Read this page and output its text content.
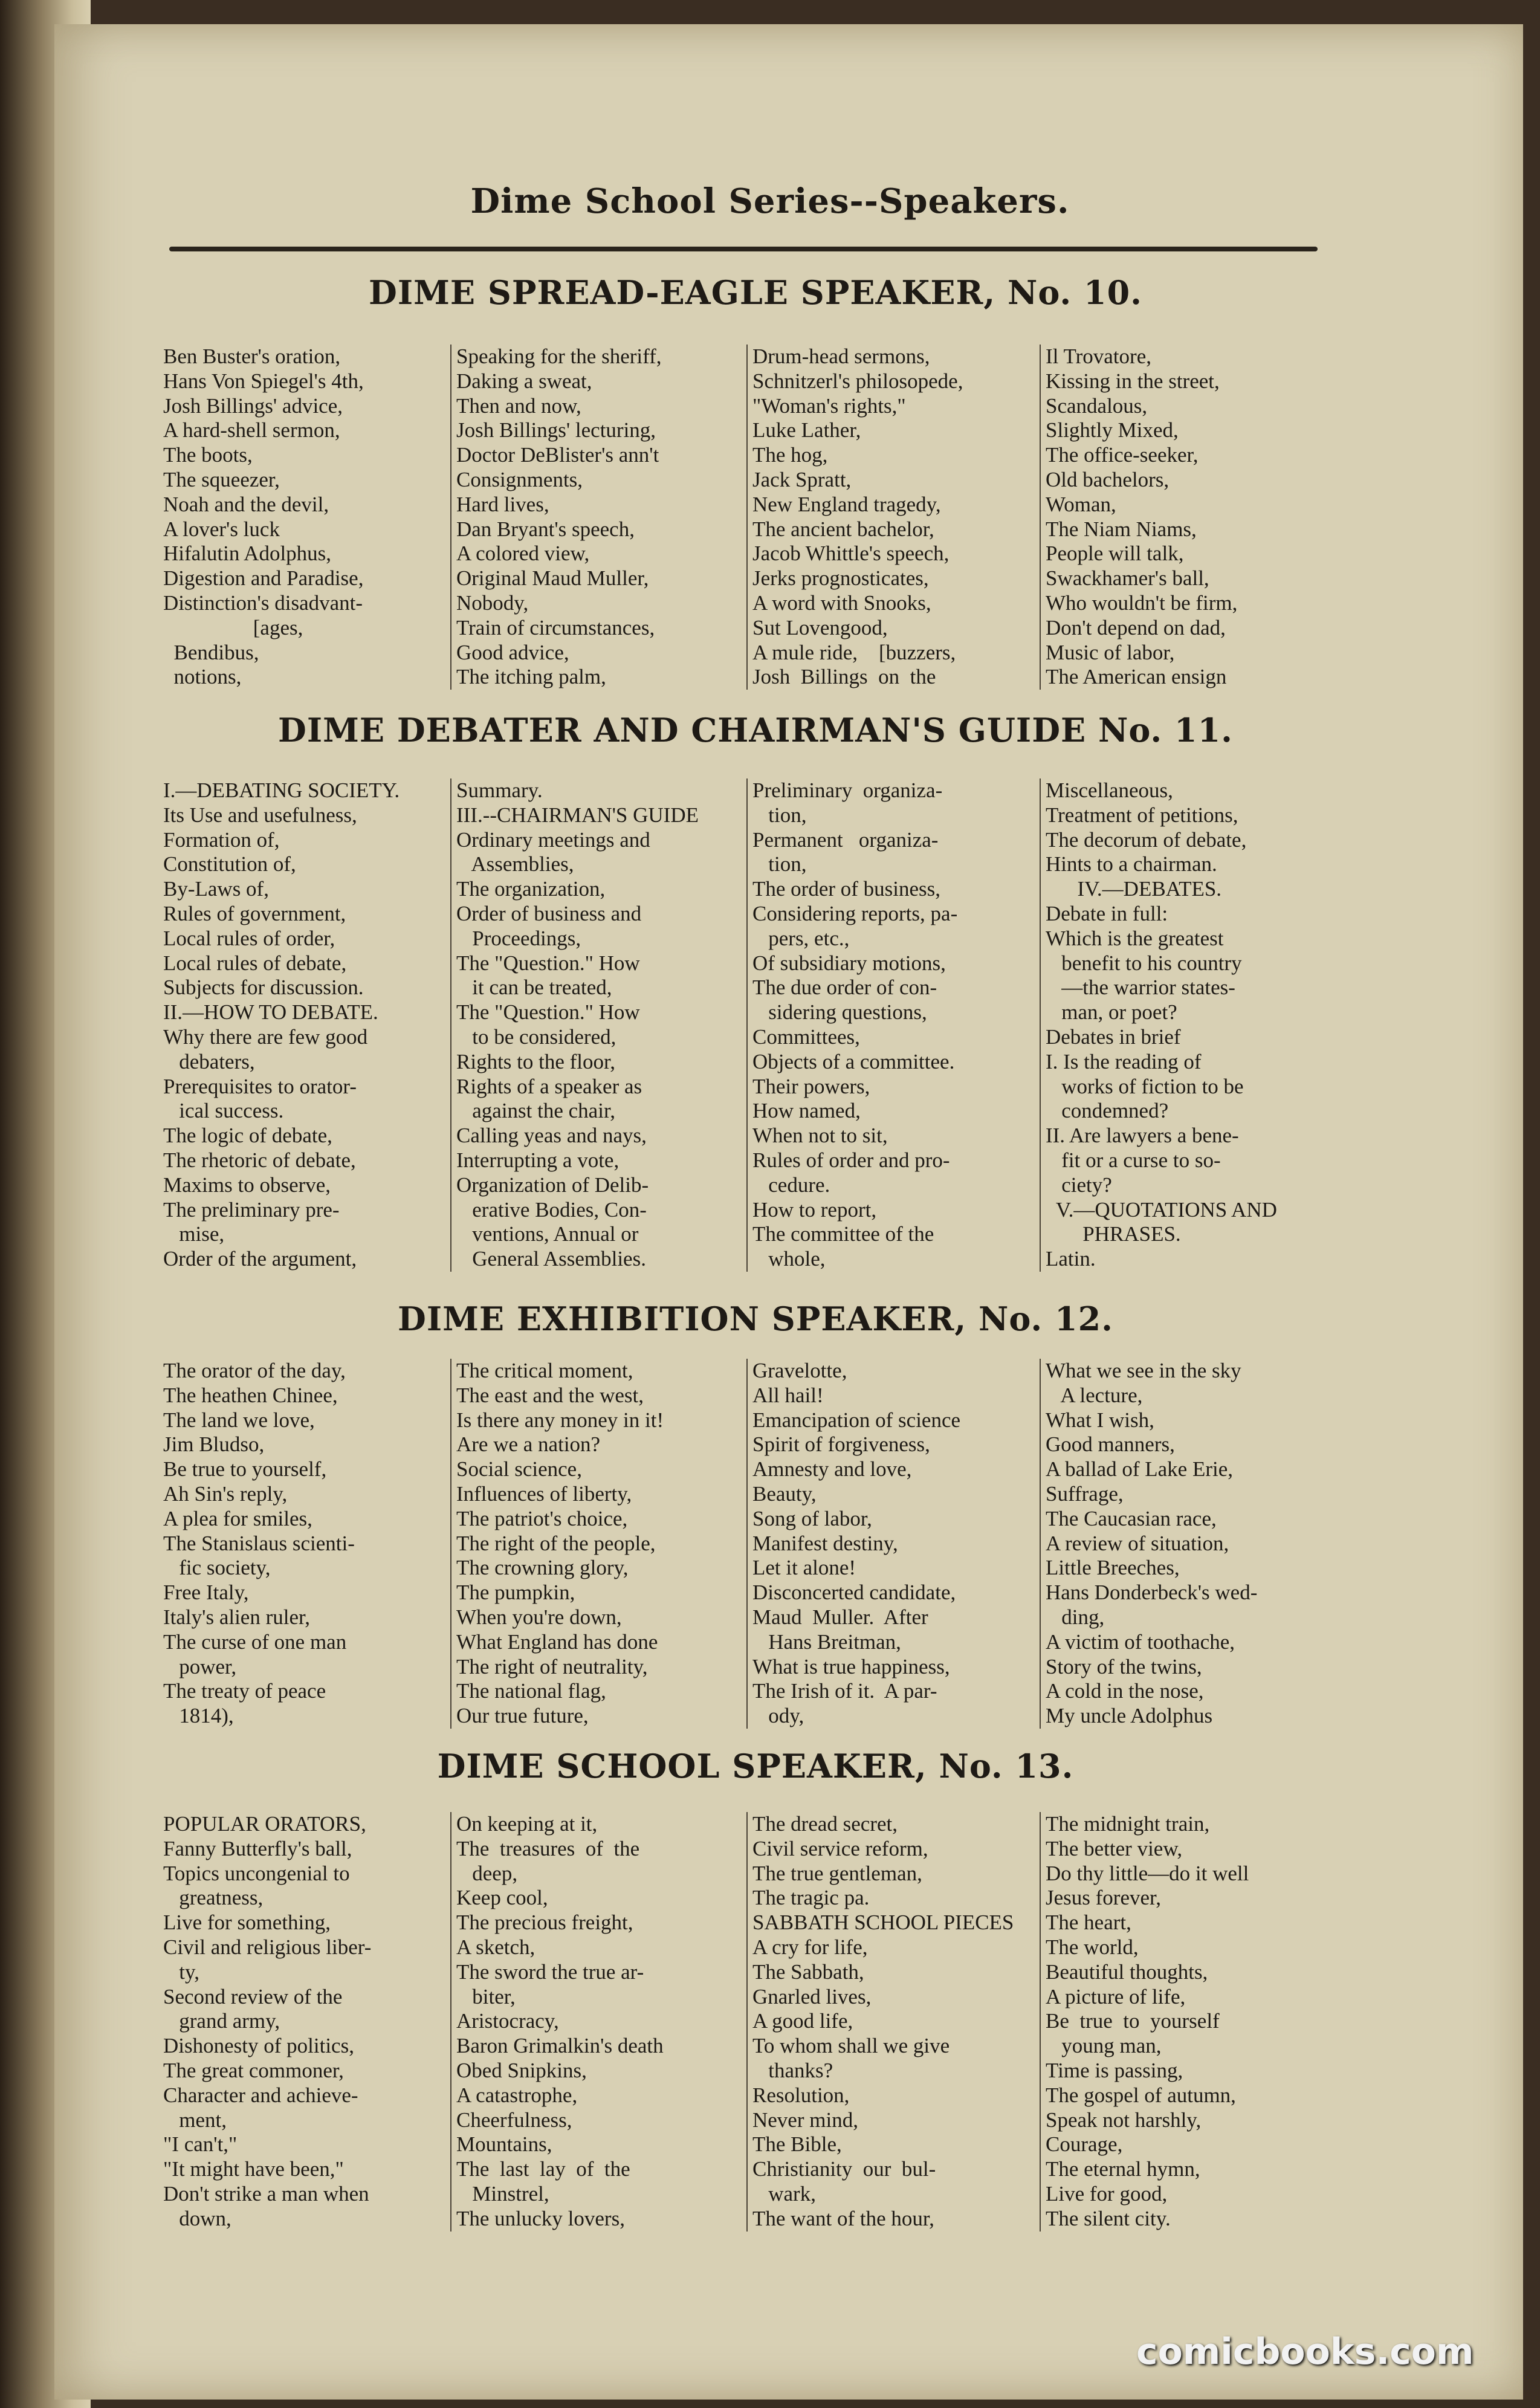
Dime School Series--Speakers.
DIME SPREAD-EAGLE SPEAKER, No. 10.
Ben Buster's oration,
Hans Von Spiegel's 4th,
Josh Billings' advice,
A hard-shell sermon,
The boots,
The squeezer,
Noah and the devil,
A lover's luck
Hifalutin Adolphus,
Digestion and Paradise,
Distinction's disadvant-
[ages,
Bendibus,
notions,
Speaking for the sheriff,
Daking a sweat,
Then and now,
Josh Billings' lecturing,
Doctor DeBlister's ann't
Consignments,
Hard lives,
Dan Bryant's speech,
A colored view,
Original Maud Muller,
Nobody,
Train of circumstances,
Good advice,
The itching palm,
Drum-head sermons,
Schnitzerl's philosopede,
"Woman's rights,"
Luke Lather,
The hog,
Jack Spratt,
New England tragedy,
The ancient bachelor,
Jacob Whittle's speech,
Jerks prognosticates,
A word with Snooks,
Sut Lovengood,
A mule ride,    [buzzers,
Josh  Billings  on  the
Il Trovatore,
Kissing in the street,
Scandalous,
Slightly Mixed,
The office-seeker,
Old bachelors,
Woman,
The Niam Niams,
People will talk,
Swackhamer's ball,
Who wouldn't be firm,
Don't depend on dad,
Music of labor,
The American ensign
DIME DEBATER AND CHAIRMAN'S GUIDE No. 11.
I.—DEBATING SOCIETY.
Its Use and usefulness,
Formation of,
Constitution of,
By-Laws of,
Rules of government,
Local rules of order,
Local rules of debate,
Subjects for discussion.
II.—HOW TO DEBATE.
Why there are few good
debaters,
Prerequisites to orator-
ical success.
The logic of debate,
The rhetoric of debate,
Maxims to observe,
The preliminary pre-
mise,
Order of the argument,
Summary.
III.--CHAIRMAN'S GUIDE
Ordinary meetings and
Assemblies,
The organization,
Order of business and
Proceedings,
The "Question." How
it can be treated,
The "Question." How
to be considered,
Rights to the floor,
Rights of a speaker as
against the chair,
Calling yeas and nays,
Interrupting a vote,
Organization of Delib-
erative Bodies, Con-
ventions, Annual or
General Assemblies.
Preliminary  organiza-
tion,
Permanent   organiza-
tion,
The order of business,
Considering reports, pa-
pers, etc.,
Of subsidiary motions,
The due order of con-
sidering questions,
Committees,
Objects of a committee.
Their powers,
How named,
When not to sit,
Rules of order and pro-
cedure.
How to report,
The committee of the
whole,
Miscellaneous,
Treatment of petitions,
The decorum of debate,
Hints to a chairman.
IV.—DEBATES.
Debate in full:
Which is the greatest
benefit to his country
—the warrior states-
man, or poet?
Debates in brief
I. Is the reading of
works of fiction to be
condemned?
II. Are lawyers a bene-
fit or a curse to so-
ciety?
V.—QUOTATIONS AND
PHRASES.
Latin.
DIME EXHIBITION SPEAKER, No. 12.
The orator of the day,
The heathen Chinee,
The land we love,
Jim Bludso,
Be true to yourself,
Ah Sin's reply,
A plea for smiles,
The Stanislaus scienti-
fic society,
Free Italy,
Italy's alien ruler,
The curse of one man
power,
The treaty of peace
1814),
The critical moment,
The east and the west,
Is there any money in it!
Are we a nation?
Social science,
Influences of liberty,
The patriot's choice,
The right of the people,
The crowning glory,
The pumpkin,
When you're down,
What England has done
The right of neutrality,
The national flag,
Our true future,
Gravelotte,
All hail!
Emancipation of science
Spirit of forgiveness,
Amnesty and love,
Beauty,
Song of labor,
Manifest destiny,
Let it alone!
Disconcerted candidate,
Maud  Muller.  After
Hans Breitman,
What is true happiness,
The Irish of it.  A par-
ody,
What we see in the sky
A lecture,
What I wish,
Good manners,
A ballad of Lake Erie,
Suffrage,
The Caucasian race,
A review of situation,
Little Breeches,
Hans Donderbeck's wed-
ding,
A victim of toothache,
Story of the twins,
A cold in the nose,
My uncle Adolphus
DIME SCHOOL SPEAKER, No. 13.
POPULAR ORATORS,
Fanny Butterfly's ball,
Topics uncongenial to
greatness,
Live for something,
Civil and religious liber-
ty,
Second review of the
grand army,
Dishonesty of politics,
The great commoner,
Character and achieve-
ment,
"I can't,"
"It might have been,"
Don't strike a man when
down,
On keeping at it,
The  treasures  of  the
deep,
Keep cool,
The precious freight,
A sketch,
The sword the true ar-
biter,
Aristocracy,
Baron Grimalkin's death
Obed Snipkins,
A catastrophe,
Cheerfulness,
Mountains,
The  last  lay  of  the
Minstrel,
The unlucky lovers,
The dread secret,
Civil service reform,
The true gentleman,
The tragic pa.
SABBATH SCHOOL PIECES
A cry for life,
The Sabbath,
Gnarled lives,
A good life,
To whom shall we give
thanks?
Resolution,
Never mind,
The Bible,
Christianity  our  bul-
wark,
The want of the hour,
The midnight train,
The better view,
Do thy little—do it well
Jesus forever,
The heart,
The world,
Beautiful thoughts,
A picture of life,
Be  true  to  yourself
young man,
Time is passing,
The gospel of autumn,
Speak not harshly,
Courage,
The eternal hymn,
Live for good,
The silent city.
comicbooks.com
